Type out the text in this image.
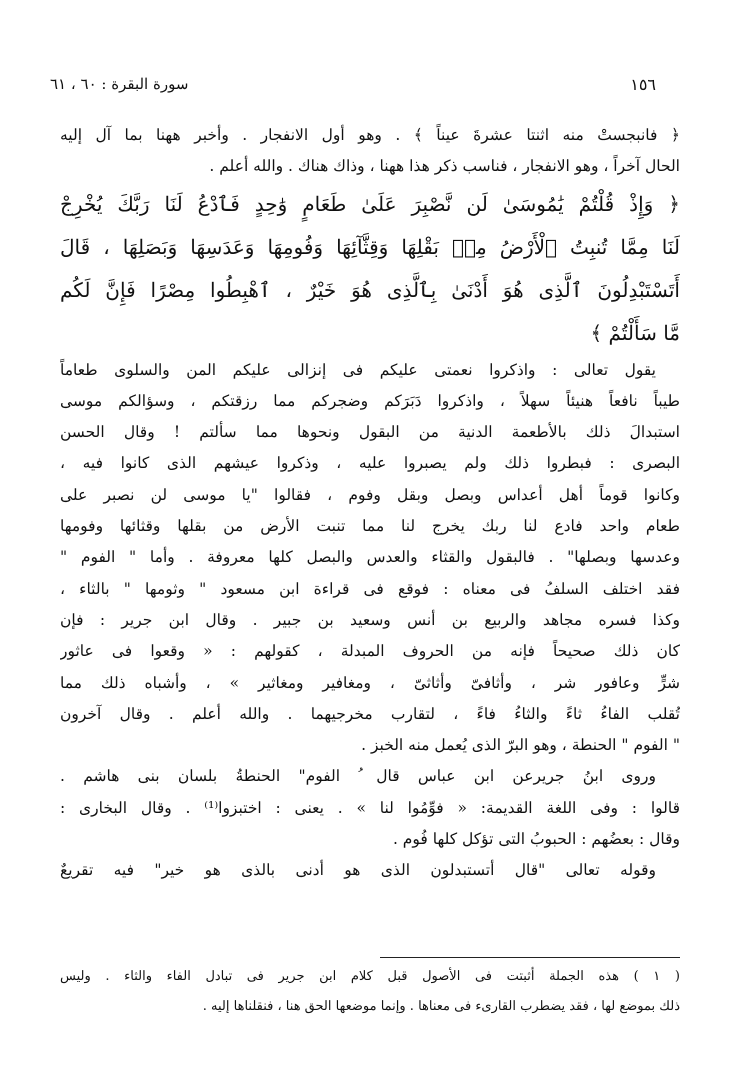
١٥٦
سورة البقرة : ٦٠ ، ٦١
﴿ فانبجستْ منه اثنتا عشرةَ عيناً ﴾ . وهو أول الانفجار . وأخبر ههنا بما آل إليه
الحال آخراً ، وهو الانفجار ، فناسب ذكر هذا ههنا ، وذاك هناك . والله أعلم .
﴿ وَإِذْ قُلْتُمْ يَٰمُوسَىٰ لَن نَّصْبِرَ عَلَىٰ طَعَامٍ وَٰحِدٍ فَٱدْعُ لَنَا رَبَّكَ يُخْرِجْ
لَنَا مِمَّا تُنبِتُ ٱلْأَرْضُ مِنۢ بَقْلِهَا وَقِثَّآئِهَا وَفُومِهَا وَعَدَسِهَا وَبَصَلِهَا ، قَالَ
أَتَسْتَبْدِلُونَ ٱلَّذِى هُوَ أَدْنَىٰ بِٱلَّذِى هُوَ خَيْرٌ ، ٱهْبِطُوا مِصْرًا فَإِنَّ لَكُم
مَّا سَأَلْتُمْ ﴾
يقول تعالى : واذكروا نعمتى عليكم فى إنزالى عليكم المن والسلوى طعاماً
طيباً نافعاً هنيئاً سهلاً ، واذكروا دَبَرَكم وضجركم مما رزقتكم ، وسؤالكم موسى
استبدالَ ذلك بالأطعمة الدنية من البقول ونحوها مما سألتم ! وقال الحسن
البصرى : فبطروا ذلك ولم يصبروا عليه ، وذكروا عيشهم الذى كانوا فيه ،
وكانوا قوماً أهل أعداس وبصل وبقل وفوم ، فقالوا "يا موسى لن نصبر على
طعام واحد فادع لنا ربك يخرج لنا مما تنبت الأرض من بقلها وقثائها وفومها
وعدسها وبصلها" . فالبقول والقثاء والعدس والبصل كلها معروفة . وأما " الفوم "
فقد اختلف السلفُ فى معناه : فوقع فى قراءة ابن مسعود " وثومها " بالثاء ،
وكذا فسره مجاهد والربيع بن أنس وسعيد بن جبير . وقال ابن جرير : فإن
كان ذلك صحيحاً فإنه من الحروف المبدلة ، كقولهم : « وقعوا فى عاثور
شرٍّ وعافور شر ، وأثافىّ وأثاثىّ ، ومغافير ومغاثير » ، وأشباه ذلك مما
تُقلب الفاءُ ثاءً والثاءُ فاءً ، لتقارب مخرجيهما . والله أعلم . وقال آخرون
" الفوم " الحنطة ، وهو البرّ الذى يُعمل منه الخبز .
وروى ابنُ جريرعن ابن عباس قال ُ الفوم" الحنطةُ بلسان بنى هاشم .
قالوا : وفى اللغة القديمة: « فوِّمُوا لنا » . يعنى : اختبزوا⁽¹⁾ . وقال البخارى :
وقال : بعضُهم : الحبوبُ التى تؤكل كلها فُوم .
وقوله تعالى "قال أتستبدلون الذى هو أدنى بالذى هو خير" فيه تقريعٌ
( ١ ) هذه الجملة أثبتت فى الأصول قبل كلام ابن جرير فى تبادل الفاء والثاء . وليس
ذلك بموضع لها ، فقد يضطرب القارىء فى معناها . وإنما موضعها الحق هنا ، فنقلناها إليه .
